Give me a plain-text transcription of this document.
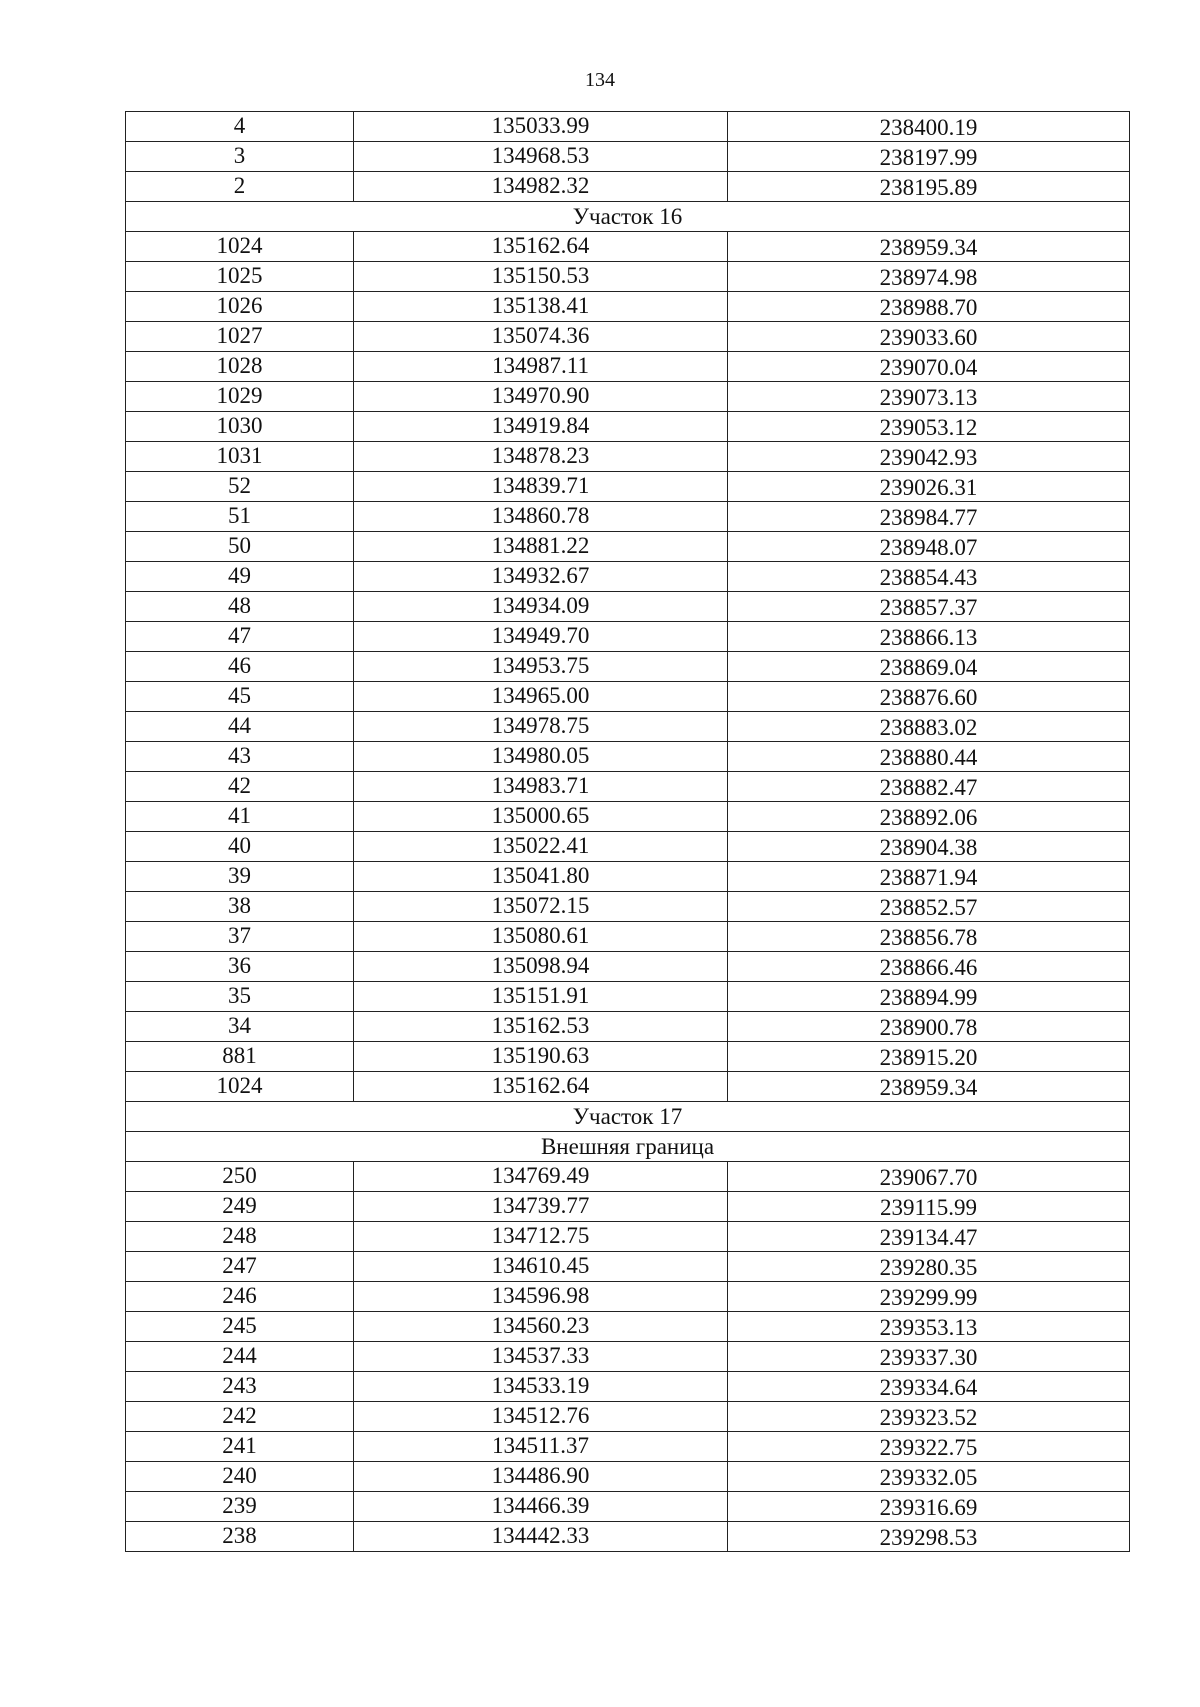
134
4	135033.99	238400.19
3	134968.53	238197.99
2	134982.32	238195.89
Участок 16		
1024	135162.64	238959.34
1025	135150.53	238974.98
1026	135138.41	238988.70
1027	135074.36	239033.60
1028	134987.11	239070.04
1029	134970.90	239073.13
1030	134919.84	239053.12
1031	134878.23	239042.93
52	134839.71	239026.31
51	134860.78	238984.77
50	134881.22	238948.07
49	134932.67	238854.43
48	134934.09	238857.37
47	134949.70	238866.13
46	134953.75	238869.04
45	134965.00	238876.60
44	134978.75	238883.02
43	134980.05	238880.44
42	134983.71	238882.47
41	135000.65	238892.06
40	135022.41	238904.38
39	135041.80	238871.94
38	135072.15	238852.57
37	135080.61	238856.78
36	135098.94	238866.46
35	135151.91	238894.99
34	135162.53	238900.78
881	135190.63	238915.20
1024	135162.64	238959.34
Участок 17		
Внешняя граница		
250	134769.49	239067.70
249	134739.77	239115.99
248	134712.75	239134.47
247	134610.45	239280.35
246	134596.98	239299.99
245	134560.23	239353.13
244	134537.33	239337.30
243	134533.19	239334.64
242	134512.76	239323.52
241	134511.37	239322.75
240	134486.90	239332.05
239	134466.39	239316.69
238	134442.33	239298.53
